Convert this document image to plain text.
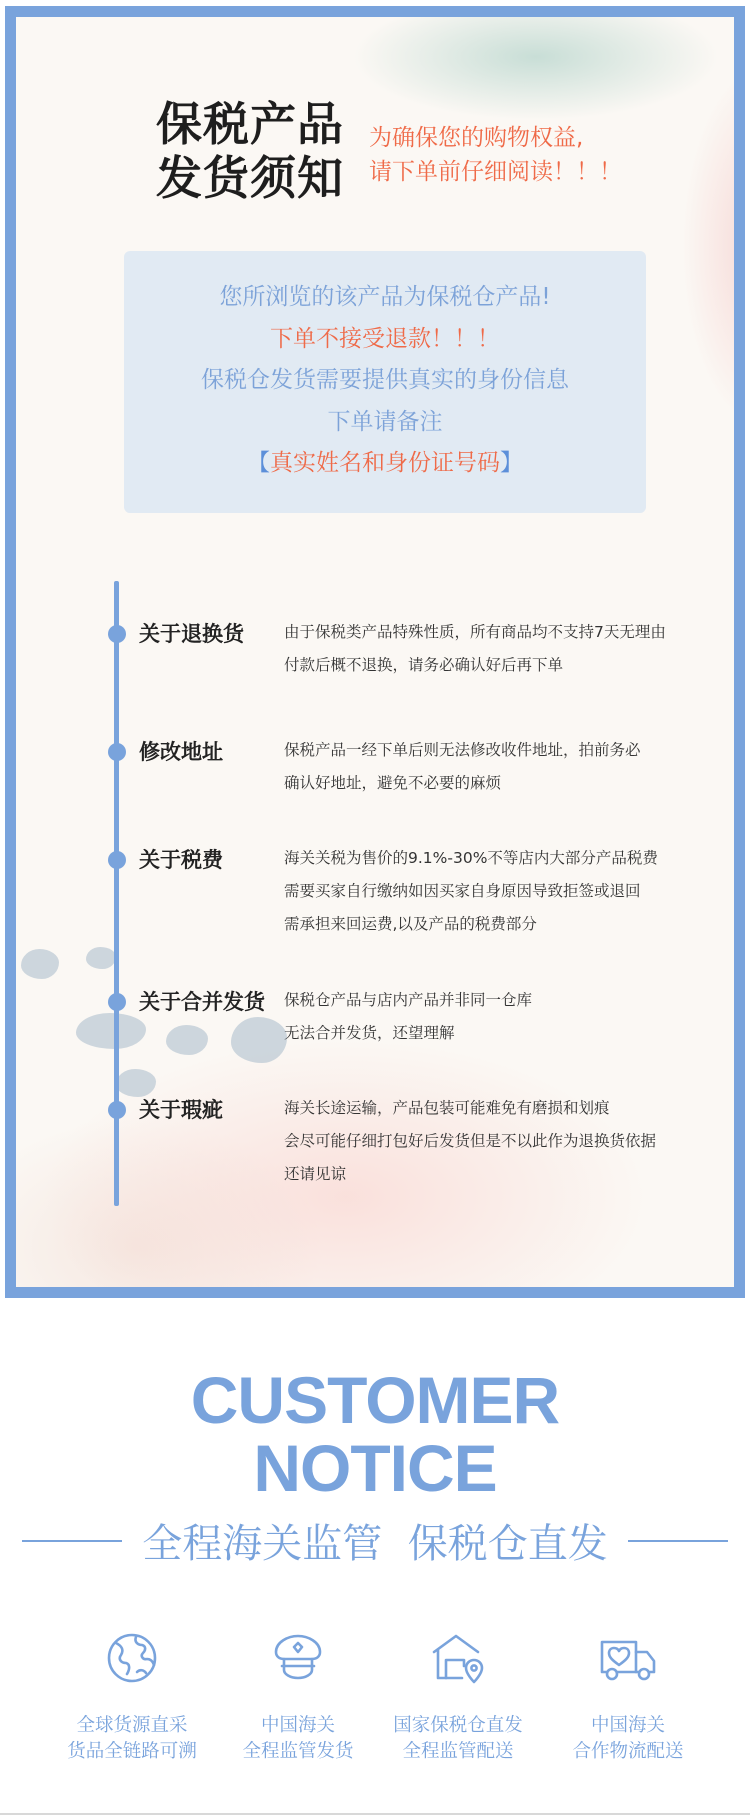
保税产品
发货须知
为确保您的购物权益,
请下单前仔细阅读！！！
您所浏览的该产品为保税仓产品!
下单不接受退款！！！
保税仓发货需要提供真实的身份信息
下单请备注
【真实姓名和身份证号码】
关于退换货	由于保税类产品特殊性质，所有商品均不支持7天无理由
付款后概不退换，请务必确认好后再下单
修改地址	保税产品一经下单后则无法修改收件地址，拍前务必
确认好地址，避免不必要的麻烦
关于税费	海关关税为售价的9.1%-30%不等店内大部分产品税费
需要买家自行缴纳如因买家自身原因导致拒签或退回
需承担来回运费,以及产品的税费部分
关于合并发货 保税仓产品与店内产品并非同一仓库
无法合并发货，还望理解
关于瑕疵	海关长途运输，产品包装可能难免有磨损和划痕
会尽可能仔细打包好后发货但是不以此作为退换货依据
还请见谅
CUSTOMER
NOTICE
全程海关监管  保税仓直发
全球货源直采
货品全链路可溯
中国海关
全程监管发货
国家保税仓直发
全程监管配送
中国海关
合作物流配送
